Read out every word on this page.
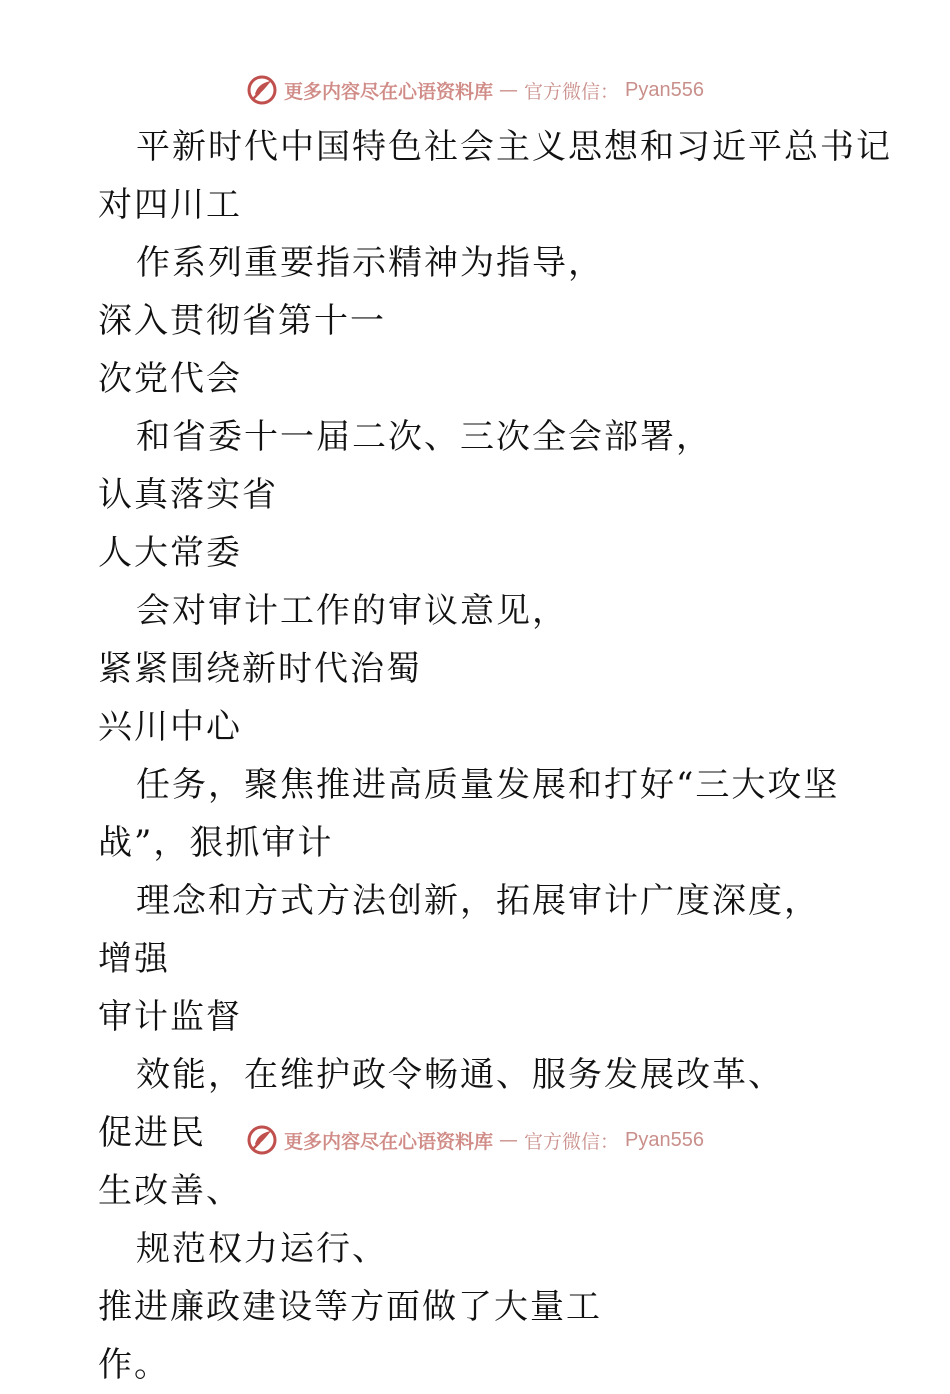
更多内容尽在心语资料库 — 官方微信： Pyan556

平新时代中国特色社会主义思想和习近平总书记
对四川工

作系列重要指示精神为指导，深入贯彻省第十一
次党代会

和省委十一届二次、三次全会部署，认真落实省
人大常委

会对审计工作的审议意见，紧紧围绕新时代治蜀
兴川中心

任务，聚焦推进高质量发展和打好“三大攻坚
战”，狠抓审计

理念和方式方法创新，拓展审计广度深度，增强
审计监督

效能，在维护政令畅通、服务发展改革、促进民
生改善、

规范权力运行、推进廉政建设等方面做了大量工
作。

更多内容尽在心语资料库 — 官方微信： Pyan556
